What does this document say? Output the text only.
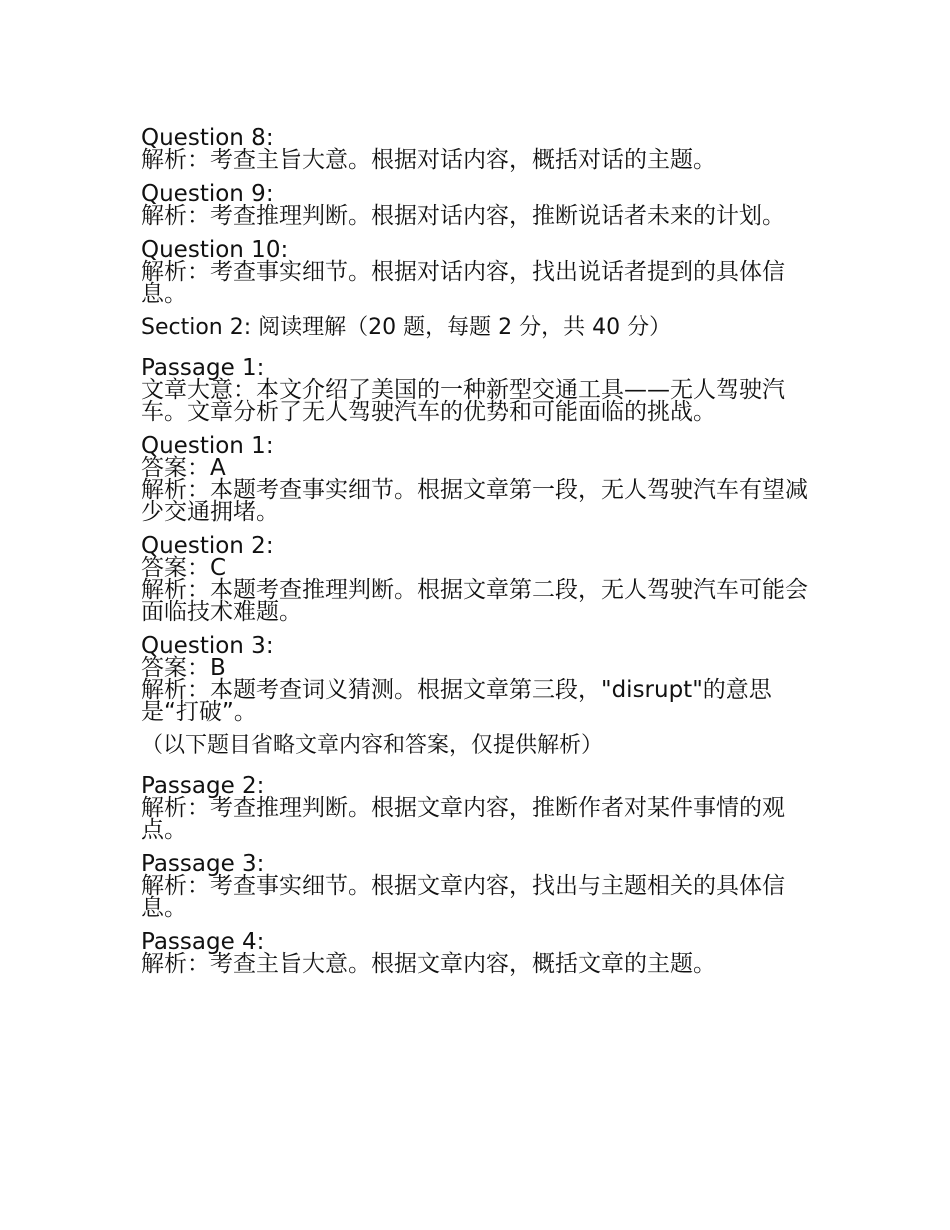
Question 8:
解析：考查主旨大意。根据对话内容，概括对话的主题。
Question 9:
解析：考查推理判断。根据对话内容，推断说话者未来的计划。
Question 10:
解析：考查事实细节。根据对话内容，找出说话者提到的具体信息。
Section 2: 阅读理解（20 题，每题 2 分，共 40 分）
Passage 1:
文章大意：本文介绍了美国的一种新型交通工具——无人驾驶汽车。文章分析了无人驾驶汽车的优势和可能面临的挑战。
Question 1:
答案：A
解析：本题考查事实细节。根据文章第一段，无人驾驶汽车有望减少交通拥堵。
Question 2:
答案：C
解析：本题考查推理判断。根据文章第二段，无人驾驶汽车可能会面临技术难题。
Question 3:
答案：B
解析：本题考查词义猜测。根据文章第三段，"disrupt"的意思是“打破”。
（以下题目省略文章内容和答案，仅提供解析）
Passage 2:
解析：考查推理判断。根据文章内容，推断作者对某件事情的观点。
Passage 3:
解析：考查事实细节。根据文章内容，找出与主题相关的具体信息。
Passage 4:
解析：考查主旨大意。根据文章内容，概括文章的主题。
